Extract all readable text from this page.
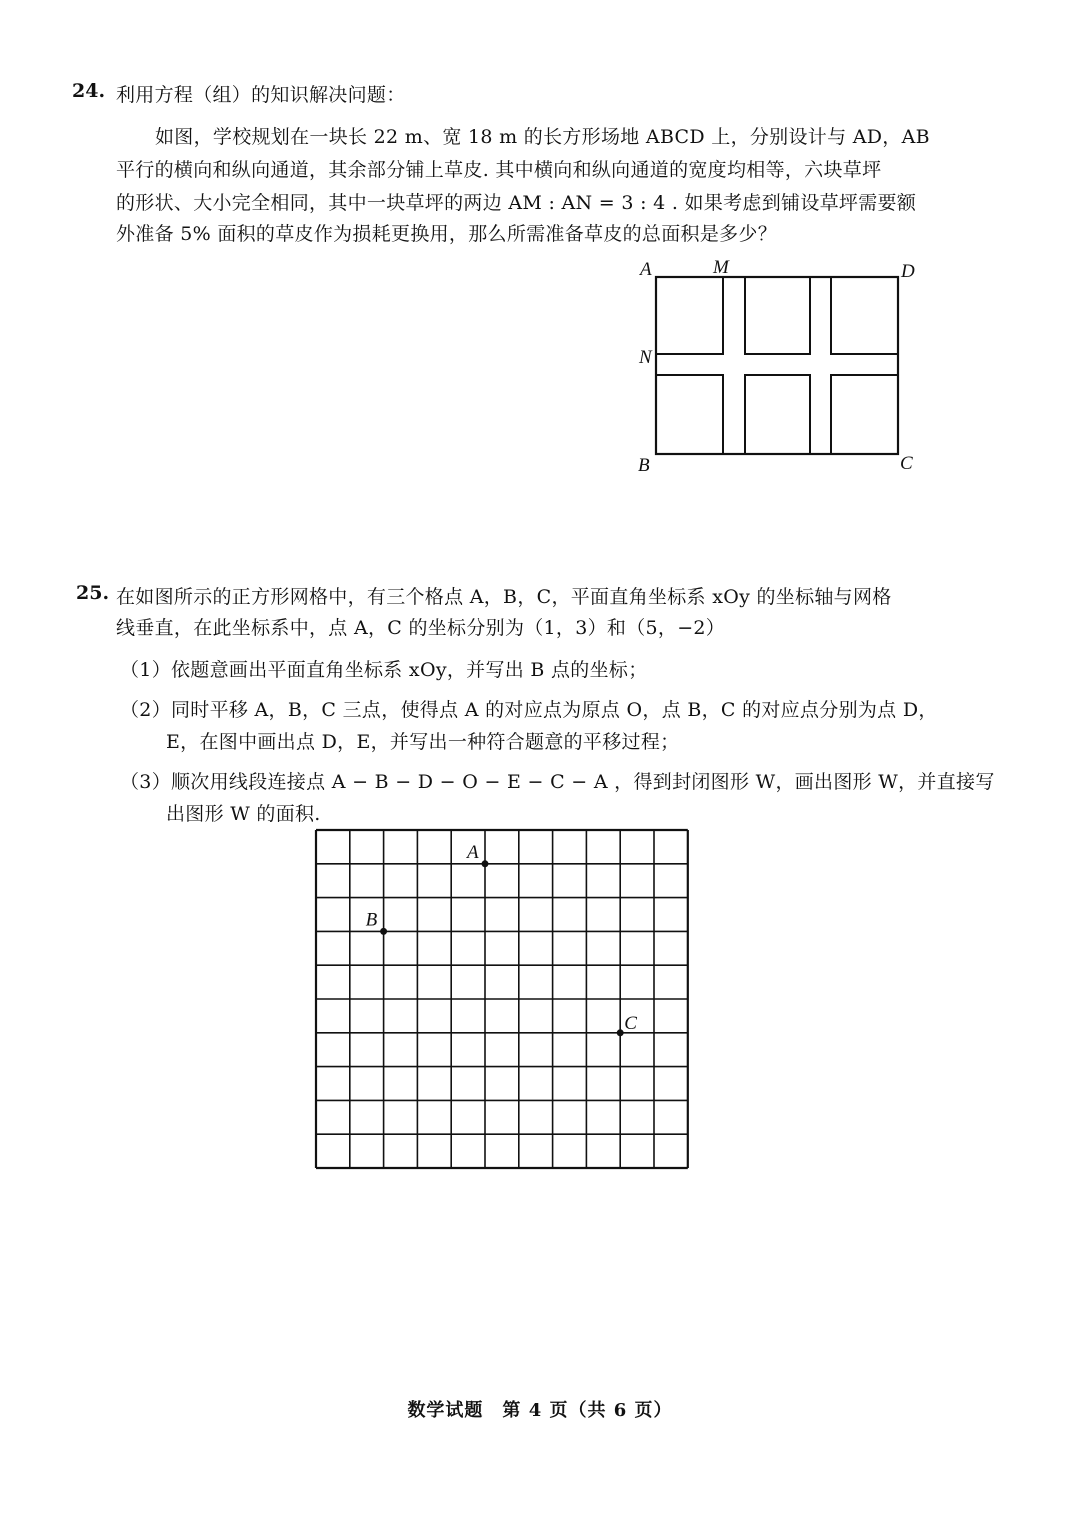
24. 利用方程（组）的知识解决问题：
如图，学校规划在一块长 22 m、宽 18 m 的长方形场地 ABCD 上，分别设计与 AD，AB
平行的横向和纵向通道，其余部分铺上草皮. 其中横向和纵向通道的宽度均相等，六块草坪
的形状、大小完全相同，其中一块草坪的两边 AM : AN = 3 : 4 . 如果考虑到铺设草坪需要额
外准备 5% 面积的草皮作为损耗更换用，那么所需准备草皮的总面积是多少？
A	M	D
N
B	C
25. 在如图所示的正方形网格中，有三个格点 A，B，C，平面直角坐标系 xOy 的坐标轴与网格
线垂直，在此坐标系中，点 A，C 的坐标分别为（1，3）和（5，−2）
（1）依题意画出平面直角坐标系 xOy，并写出 B 点的坐标；
（2）同时平移 A，B，C 三点，使得点 A 的对应点为原点 O，点 B，C 的对应点分别为点 D，
E，在图中画出点 D，E，并写出一种符合题意的平移过程；
（3）顺次用线段连接点 A − B − D − O − E − C − A ，得到封闭图形 W，画出图形 W，并直接写
出图形 W 的面积.
A
B
C
数学试题　第 4 页（共 6 页）
